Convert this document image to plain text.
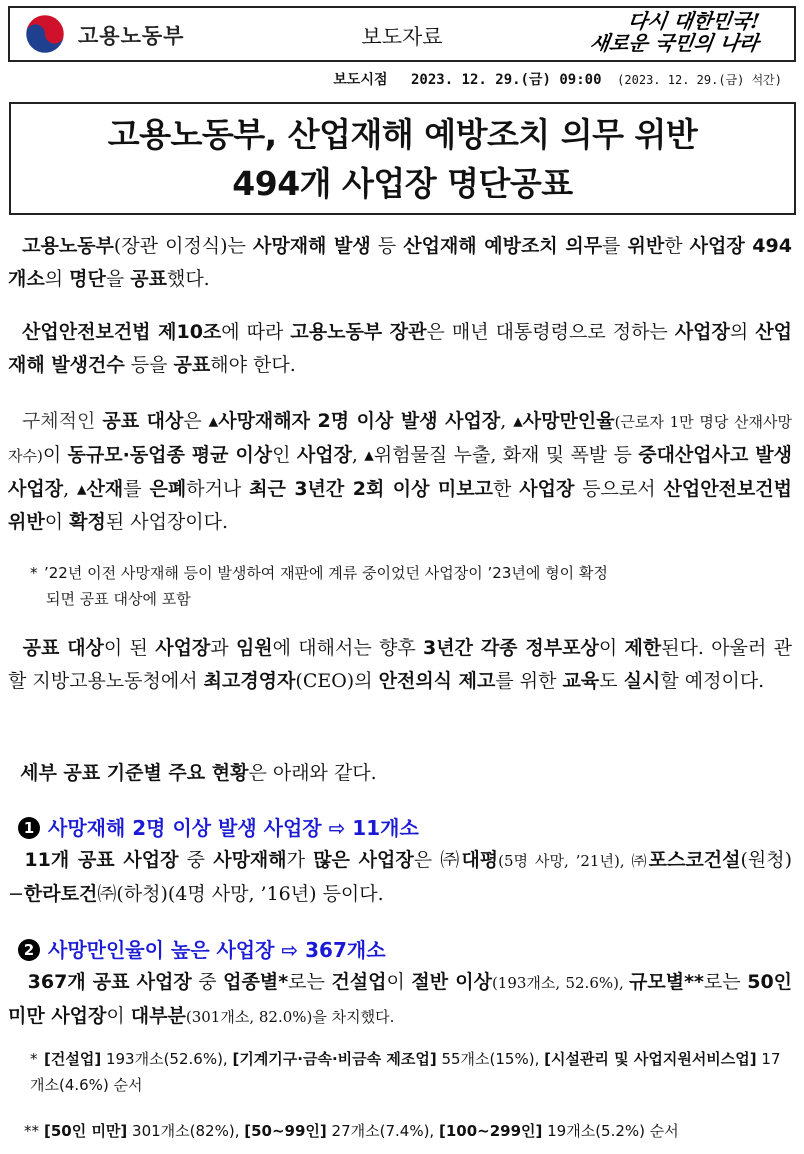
고용노동부	보도자료
다시 대한민국!
새로운 국민의 나라
보도시점 2023. 12. 29.(금) 09:00 (2023. 12. 29.(금) 석간)
고용노동부, 산업재해 예방조치 의무 위반
494개 사업장 명단공표
고용노동부(장관 이정식)는 사망재해 발생 등 산업재해 예방조치 의무를 위반한 사업장 494개소의 명단을 공표했다.
산업안전보건법 제10조에 따라 고용노동부 장관은 매년 대통령령으로 정하는 사업장의 산업재해 발생건수 등을 공표해야 한다.
구체적인 공표 대상은 ▴사망재해자 2명 이상 발생 사업장, ▴사망만인율(근로자 1만 명당 산재사망자수)이 동규모·동업종 평균 이상인 사업장, ▴위험물질 누출, 화재 및 폭발 등 중대산업사고 발생 사업장, ▴산재를 은폐하거나 최근 3년간 2회 이상 미보고한 사업장 등으로서 산업안전보건법 위반이 확정된 사업장이다.
* ’22년 이전 사망재해 등이 발생하여 재판에 계류 중이었던 사업장이 ’23년에 형이 확정
되면 공표 대상에 포함
공표 대상이 된 사업장과 임원에 대해서는 향후 3년간 각종 정부포상이 제한된다. 아울러 관할 지방고용노동청에서 최고경영자(CEO)의 안전의식 제고를 위한 교육도 실시할 예정이다.
세부 공표 기준별 주요 현황은 아래와 같다.
1 사망재해 2명 이상 발생 사업장 ⇨ 11개소
11개 공표 사업장 중 사망재해가 많은 사업장은 ㈜대평(5명 사망, ’21년), ㈜포스코건설(원청)−한라토건㈜(하청)(4명 사망, ’16년) 등이다.
2 사망만인율이 높은 사업장 ⇨ 367개소
367개 공표 사업장 중 업종별*로는 건설업이 절반 이상(193개소, 52.6%), 규모별**로는 50인 미만 사업장이 대부분(301개소, 82.0%)을 차지했다.
* [건설업] 193개소(52.6%), [기계기구·금속·비금속 제조업] 55개소(15%), [시설관리 및 사업지원서비스업] 17개소(4.6%) 순서
** [50인 미만] 301개소(82%), [50~99인] 27개소(7.4%), [100~299인] 19개소(5.2%) 순서
